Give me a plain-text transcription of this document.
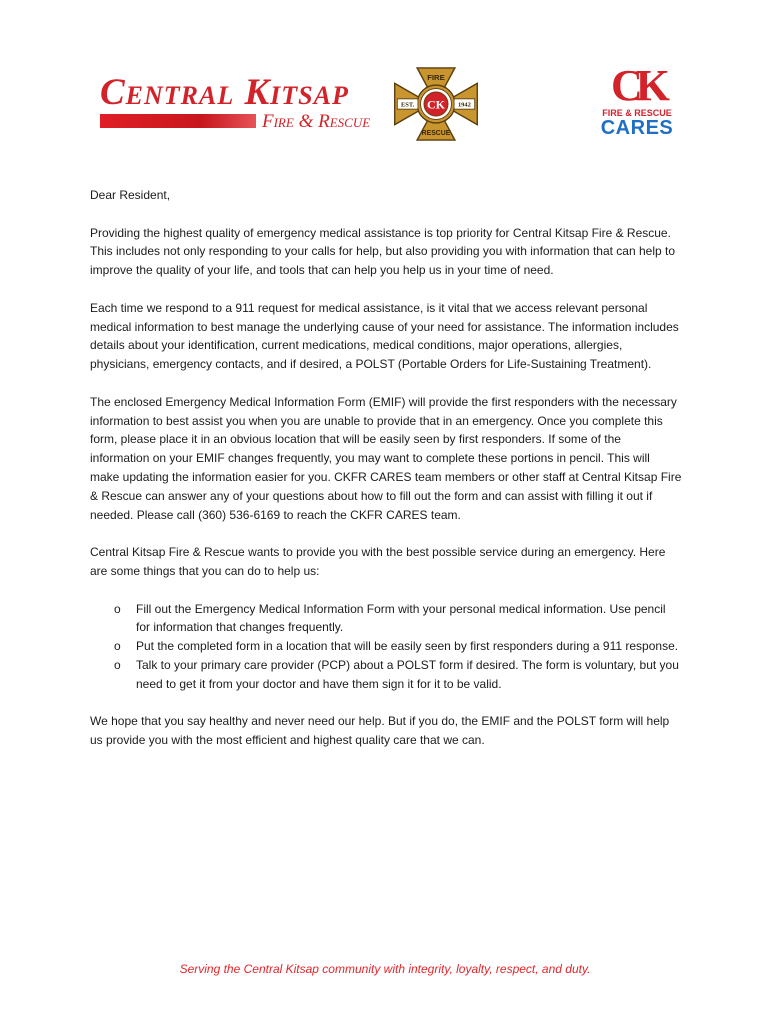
Central Kitsap
Fire & Rescue
FIRE
RESCUE
EST.	1942
CK	CK
FIRE & RESCUE
CARES

Dear Resident,

Providing the highest quality of emergency medical assistance is top priority for Central Kitsap Fire & Rescue. This includes not only responding to your calls for help, but also providing you with information that can help to improve the quality of your life, and tools that can help you help us in your time of need.

Each time we respond to a 911 request for medical assistance, is it vital that we access relevant personal medical information to best manage the underlying cause of your need for assistance. The information includes details about your identification, current medications, medical conditions, major operations, allergies, physicians, emergency contacts, and if desired, a POLST (Portable Orders for Life-Sustaining Treatment).

The enclosed Emergency Medical Information Form (EMIF) will provide the first responders with the necessary information to best assist you when you are unable to provide that in an emergency. Once you complete this form, please place it in an obvious location that will be easily seen by first responders. If some of the information on your EMIF changes frequently, you may want to complete these portions in pencil. This will make updating the information easier for you. CKFR CARES team members or other staff at Central Kitsap Fire & Rescue can answer any of your questions about how to fill out the form and can assist with filling it out if needed. Please call (360) 536-6169 to reach the CKFR CARES team.

Central Kitsap Fire & Rescue wants to provide you with the best possible service during an emergency. Here are some things that you can do to help us:

o Fill out the Emergency Medical Information Form with your personal medical information. Use pencil for information that changes frequently.
o Put the completed form in a location that will be easily seen by first responders during a 911 response.
o Talk to your primary care provider (PCP) about a POLST form if desired. The form is voluntary, but you need to get it from your doctor and have them sign it for it to be valid.

We hope that you say healthy and never need our help. But if you do, the EMIF and the POLST form will help us provide you with the most efficient and highest quality care that we can.

Serving the Central Kitsap community with integrity, loyalty, respect, and duty.
